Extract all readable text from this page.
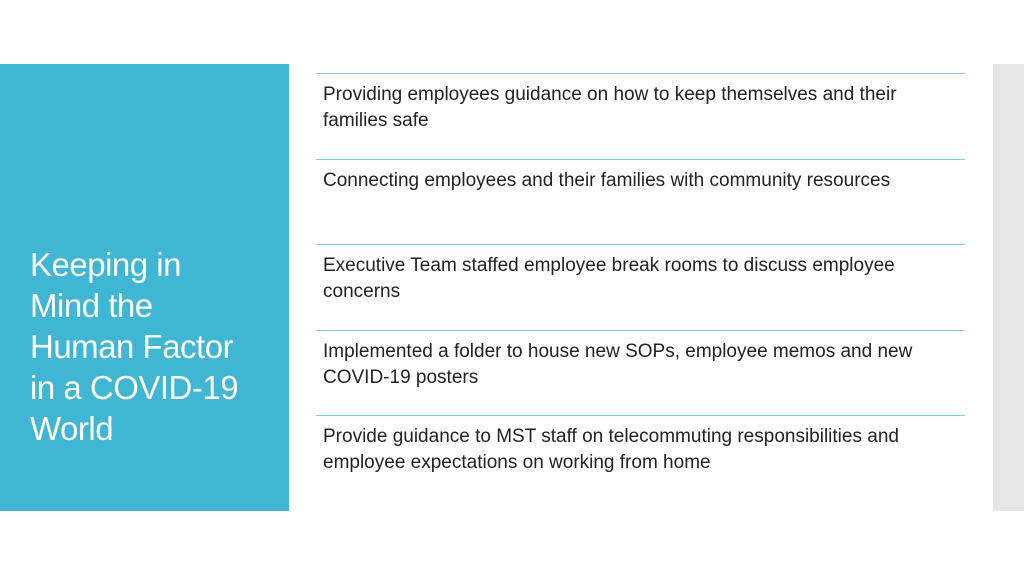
Keeping in
Mind the
Human Factor
in a COVID-19
World
Providing employees guidance on how to keep themselves and their families safe
Connecting employees and their families with community resources
Executive Team staffed employee break rooms to discuss employee concerns
Implemented a folder to house new SOPs, employee memos and new COVID-19 posters
Provide guidance to MST staff on telecommuting responsibilities and employee expectations on working from home
